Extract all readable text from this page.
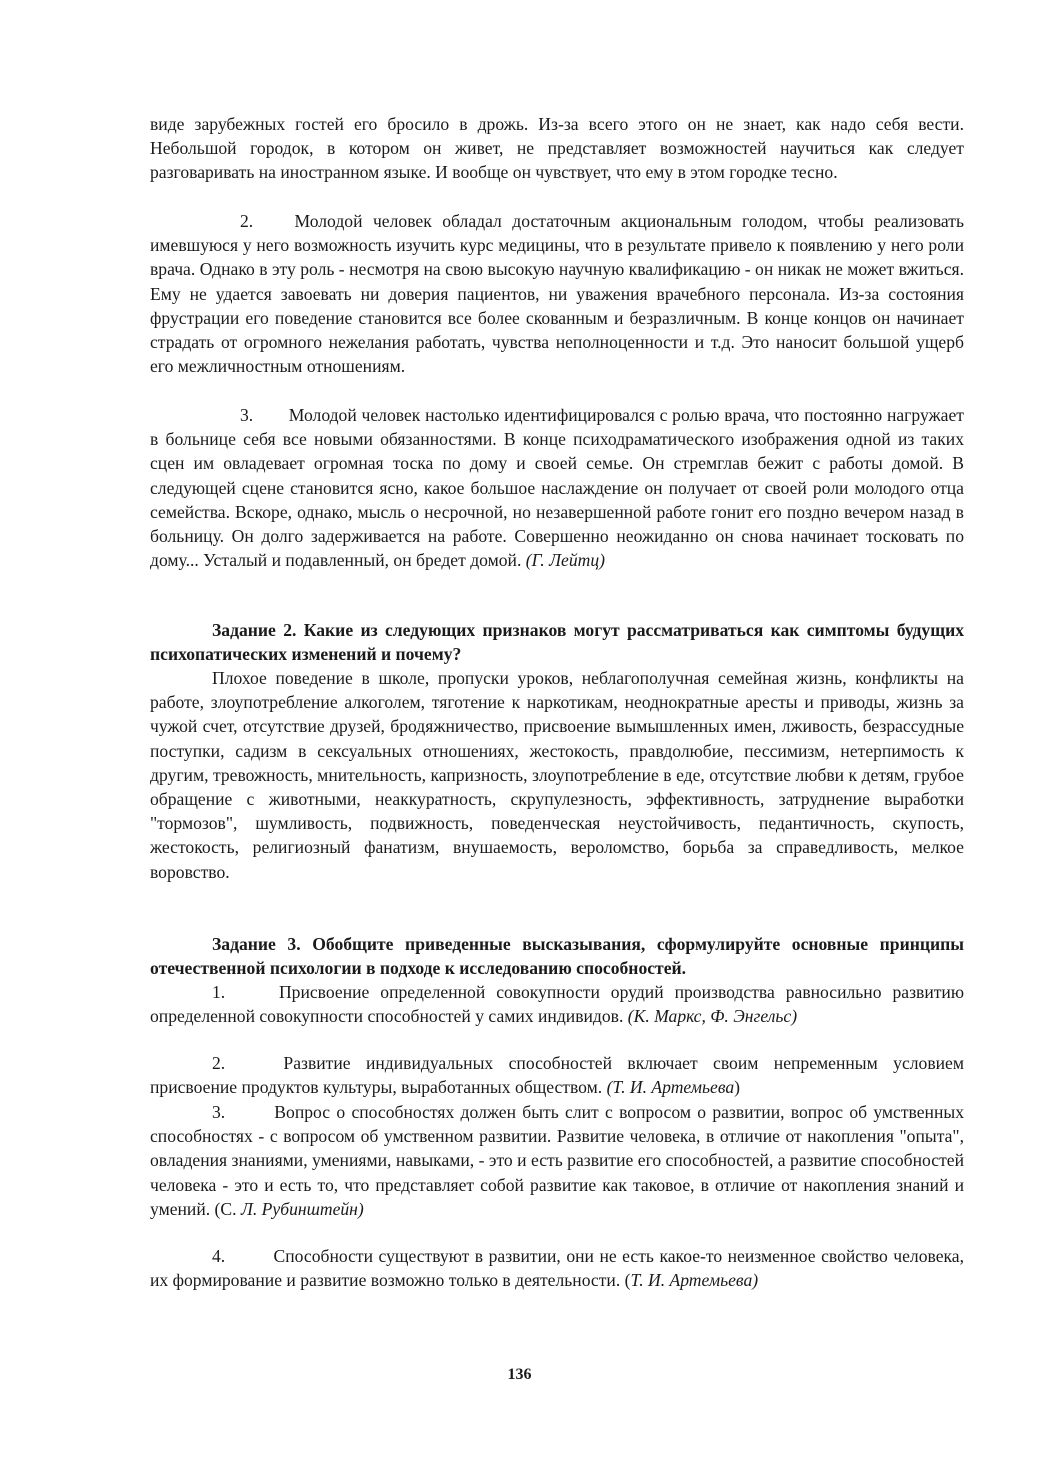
виде зарубежных гостей его бросило в дрожь. Из-за всего этого он не знает, как надо себя вести. Небольшой городок, в котором он живет, не представляет возможностей научиться как следует разговаривать на иностранном языке. И вообще он чувствует, что ему в этом городке тесно.

2. Молодой человек обладал достаточным акциональным голодом, чтобы реализовать имевшуюся у него возможность изучить курс медицины, что в результате привело к появлению у него роли врача. Однако в эту роль - несмотря на свою высокую научную квалификацию - он никак не может вжиться. Ему не удается завоевать ни доверия пациентов, ни уважения врачебного персонала. Из-за состояния фрустрации его поведение становится все более скованным и безразличным. В конце концов он начинает страдать от огромного нежелания работать, чувства неполноценности и т.д. Это наносит большой ущерб его межличностным отношениям.

3. Молодой человек настолько идентифицировался с ролью врача, что постоянно нагружает в больнице себя все новыми обязанностями. В конце психодраматического изображения одной из таких сцен им овладевает огромная тоска по дому и своей семье. Он стремглав бежит с работы домой. В следующей сцене становится ясно, какое большое наслаждение он получает от своей роли молодого отца семейства. Вскоре, однако, мысль о несрочной, но незавершенной работе гонит его поздно вечером назад в больницу. Он долго задерживается на работе. Совершенно неожиданно он снова начинает тосковать по дому... Усталый и подавленный, он бредет домой. (Г. Лейтц)

Задание 2. Какие из следующих признаков могут рассматриваться как симптомы будущих психопатических изменений и почему?

Плохое поведение в школе, пропуски уроков, неблагополучная семейная жизнь, конфликты на работе, злоупотребление алкоголем, тяготение к наркотикам, неоднократные аресты и приводы, жизнь за чужой счет, отсутствие друзей, бродяжничество, присвоение вымышленных имен, лживость, безрассудные поступки, садизм в сексуальных отношениях, жестокость, правдолюбие, пессимизм, нетерпимость к другим, тревожность, мнительность, капризность, злоупотребление в еде, отсутствие любви к детям, грубое обращение с животными, неаккуратность, скрупулезность, эффективность, затруднение выработки "тормозов", шумливость, подвижность, поведенческая неустойчивость, педантичность, скупость, жестокость, религиозный фанатизм, внушаемость, вероломство, борьба за справедливость, мелкое воровство.

Задание 3. Обобщите приведенные высказывания, сформулируйте основные принципы отечественной психологии в подходе к исследованию способностей.

1.	Присвоение определенной совокупности орудий производства равносильно развитию определенной совокупности способностей у самих индивидов. (К. Маркс, Ф. Энгельс)

2.	Развитие индивидуальных способностей включает своим непременным условием присвоение продуктов культуры, выработанных обществом. (Т. И. Артемьева)

3.	Вопрос о способностях должен быть слит с вопросом о развитии, вопрос об умственных способностях - с вопросом об умственном развитии. Развитие человека, в отличие от накопления "опыта", овладения знаниями, умениями, навыками, - это и есть развитие его способностей, а развитие способностей человека - это и есть то, что представляет собой развитие как таковое, в отличие от накопления знаний и умений. (С. Л. Рубинштейн)

4.	Способности существуют в развитии, они не есть какое-то неизменное свойство человека, их формирование и развитие возможно только в деятельности. (Т. И. Артемьева)

136
